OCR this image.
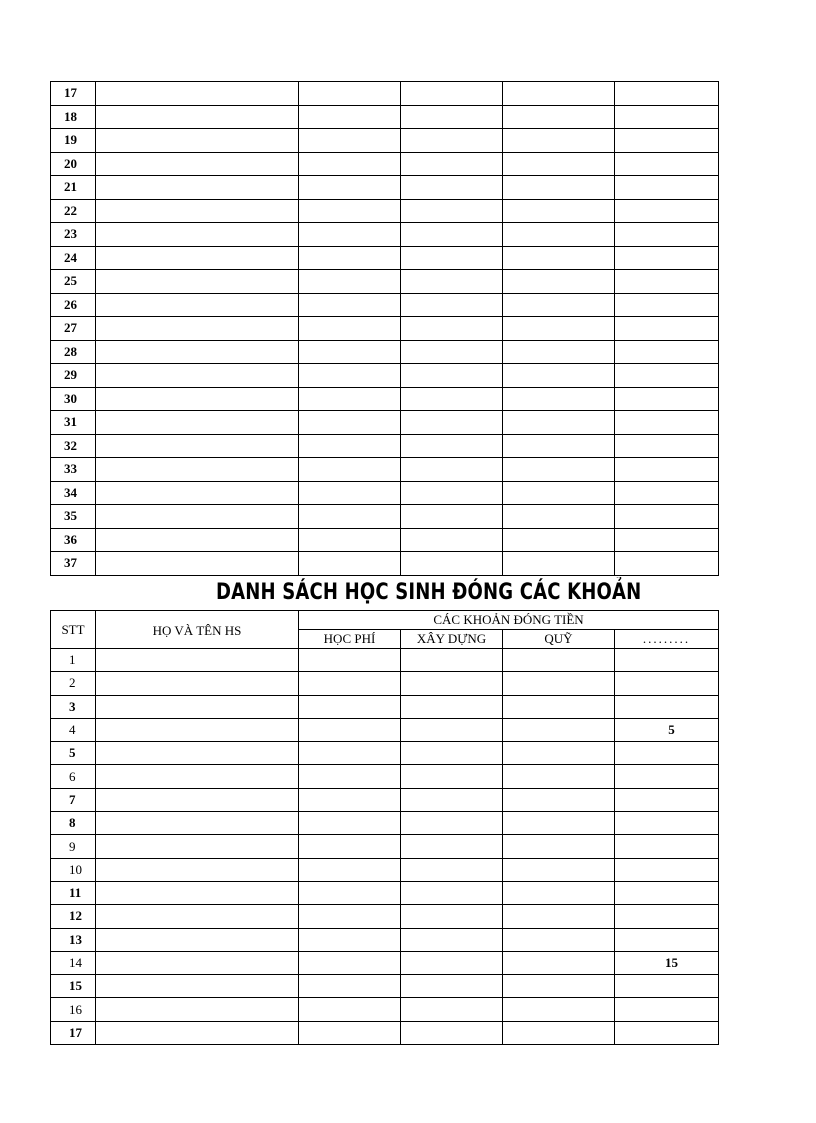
17					
18					
19					
20					
21					
22					
23					
24					
25					
26					
27					
28					
29					
30					
31					
32					
33					
34					
35					
36					
37					
DANH SÁCH HỌC SINH ĐÓNG CÁC KHOẢN
STT	HỌ VÀ TÊN HS	CÁC KHOẢN ĐÓNG TIỀN			
		HỌC PHÍ	XÂY DỰNG	QUỸ	.........
1					
2					
3					
4					5
5					
6					
7					
8					
9					
10					
11					
12					
13					
14					15
15					
16					
17					
